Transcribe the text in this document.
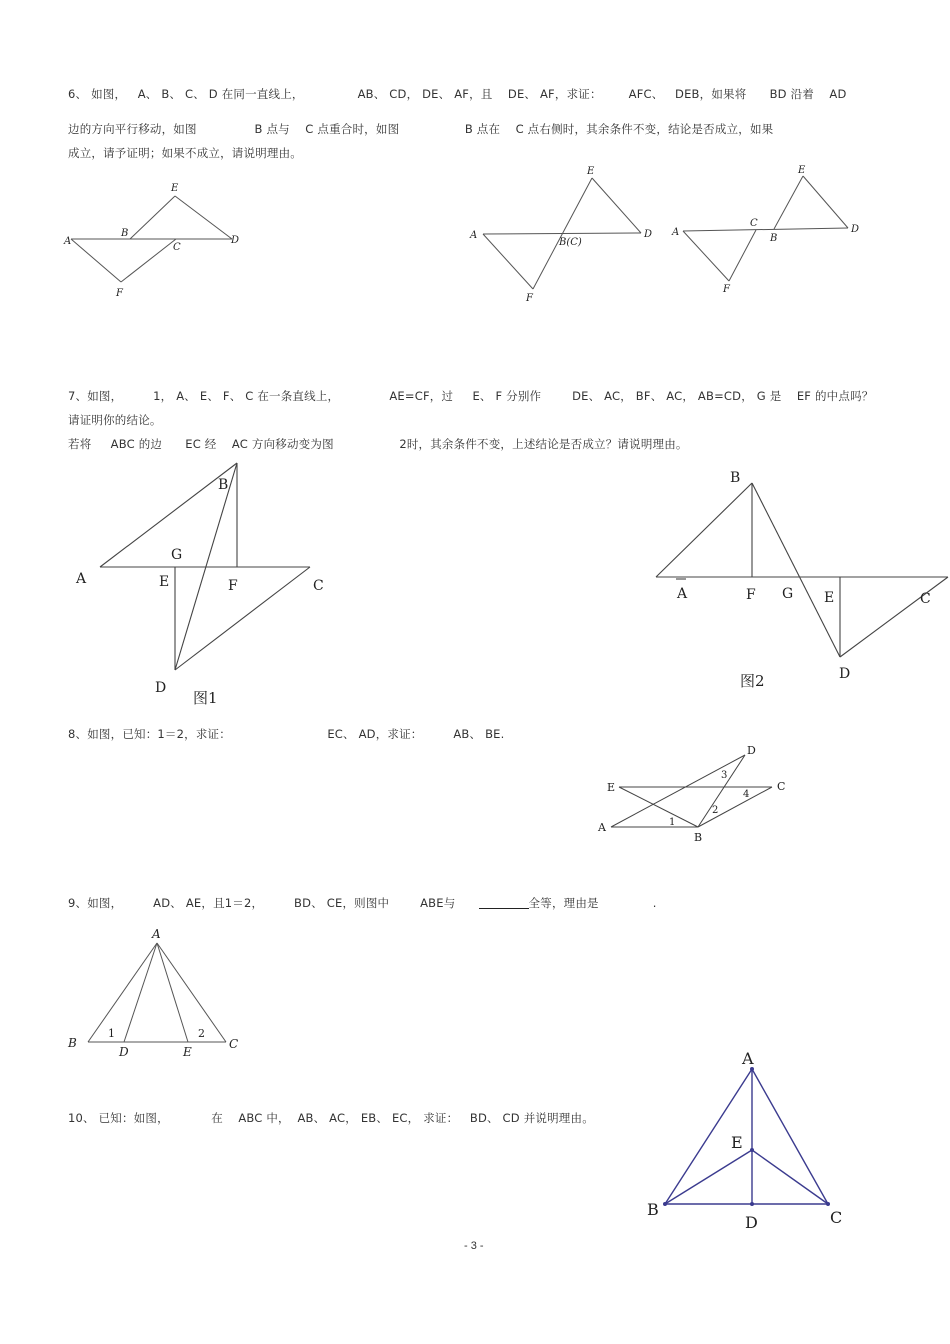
6、 如图，   A、 B、 C、 D 在同一直线上，              AB、 CD， DE、 AF，且    DE、 AF，求证：       AFC、   DEB，如果将      BD 沿着    AD
边的方向平行移动，如图               B 点与    C 点重合时，如图                 B 点在    C 点右侧时，其余条件不变，结论是否成立，如果
成立，请予证明；如果不成立，请说明理由。
A
B
C
D
E
F
A
B(C)
D
E
F
A
C
B
D
E
F
7、如图，        1， A、 E、 F、 C 在一条直线上，             AE=CF，过     E、 F 分别作        DE、 AC， BF、 AC， AB=CD， G 是    EF 的中点吗？
请证明你的结论。
若将     ABC 的边      EC 经    AC 方向移动变为图                 2时，其余条件不变，上述结论是否成立？请说明理由。
A
B
C
D
E	F
G
图1
A
B
C
D
E
F G
图2
8、如图，已知：1＝2，求证：                         EC、 AD，求证：        AB、 BE.
A
B
C
D
E
1
2
3
4
9、如图，        AD、 AE，且1＝2，        BD、 CE，则图中        ABE与	全等，理由是              .
A
B	C
D	E
1	2
10、 已知：如图，           在    ABC 中，  AB、 AC， EB、 EC， 求证：   BD、 CD 并说明理由。
A
E
B
D	C
- 3 -
